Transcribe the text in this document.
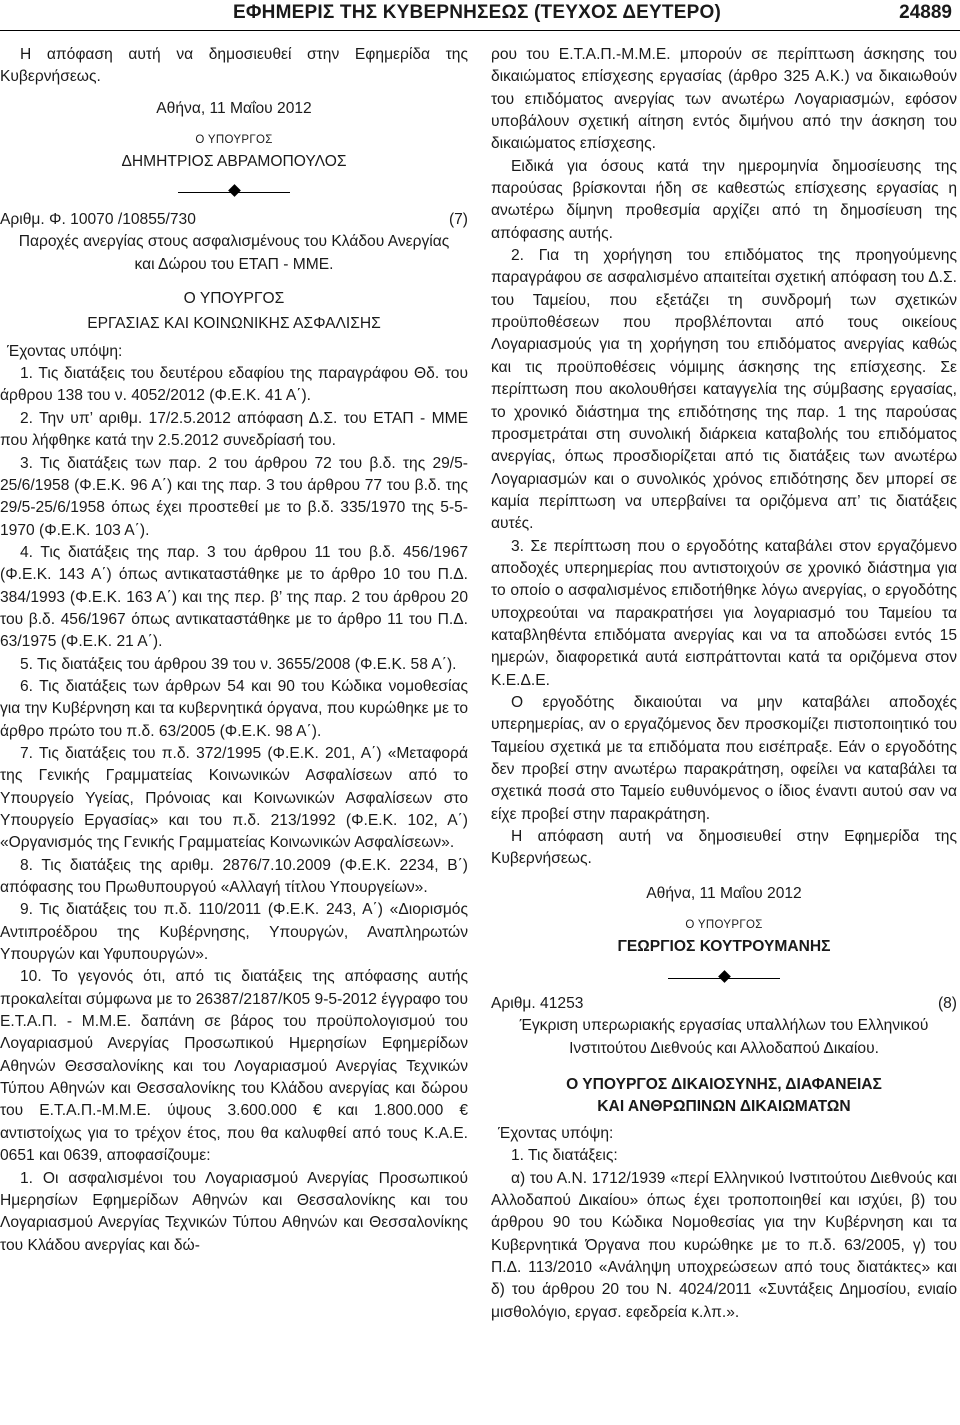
ΕΦΗΜΕΡΙΣ ΤΗΣ ΚΥΒΕΡΝΗΣΕΩΣ (ΤΕΥΧΟΣ ΔΕΥΤΕΡΟ)	24889

Η απόφαση αυτή να δημοσιευθεί στην Εφημερίδα της Κυβερνήσεως.

Αθήνα, 11 Μαΐου 2012

Ο ΥΠΟΥΡΓΟΣ

ΔΗΜΗΤΡΙΟΣ ΑΒΡΑΜΟΠΟΥΛΟΣ

Αριθμ. Φ. 10070 /10855/730	(7)

Παροχές ανεργίας στους ασφαλισμένους του Κλάδου Ανεργίας και Δώρου του ΕΤΑΠ - ΜΜΕ.

Ο ΥΠΟΥΡΓΟΣ

ΕΡΓΑΣΙΑΣ ΚΑΙ ΚΟΙΝΩΝΙΚΗΣ ΑΣΦΑΛΙΣΗΣ

Έχοντας υπόψη:

1. Τις διατάξεις του δευτέρου εδαφίου της παραγράφου Θδ. του άρθρου 138 του ν. 4052/2012 (Φ.Ε.Κ. 41 Α΄).

2. Την υπ’ αριθμ. 17/2.5.2012 απόφαση Δ.Σ. του ΕΤΑΠ - ΜΜΕ που λήφθηκε κατά την 2.5.2012 συνεδρίασή του.

3. Τις διατάξεις των παρ. 2 του άρθρου 72 του β.δ. της 29/5-25/6/1958 (Φ.Ε.Κ. 96 Α΄) και της παρ. 3 του άρθρου 77 του β.δ. της 29/5-25/6/1958 όπως έχει προστεθεί με το β.δ. 335/1970 της 5-5-1970 (Φ.Ε.Κ. 103 Α΄).

4. Τις διατάξεις της παρ. 3 του άρθρου 11 του β.δ. 456/1967 (Φ.Ε.Κ. 143 Α΄) όπως αντικαταστάθηκε με το άρθρο 10 του Π.Δ. 384/1993 (Φ.Ε.Κ. 163 Α΄) και της περ. β’ της παρ. 2 του άρθρου 20 του β.δ. 456/1967 όπως αντικαταστάθηκε με το άρθρο 11 του Π.Δ. 63/1975 (Φ.Ε.Κ. 21 Α΄).

5. Τις διατάξεις του άρθρου 39 του ν. 3655/2008 (Φ.Ε.Κ. 58 Α΄).

6. Τις διατάξεις των άρθρων 54 και 90 του Κώδικα νομοθεσίας για την Κυβέρνηση και τα κυβερνητικά όργανα, που κυρώθηκε με το άρθρο πρώτο του π.δ. 63/2005 (Φ.Ε.Κ. 98 Α΄).

7. Τις διατάξεις του π.δ. 372/1995 (Φ.Ε.Κ. 201, Α΄) «Μεταφορά της Γενικής Γραμματείας Κοινωνικών Ασφαλίσεων από το Υπουργείο Υγείας, Πρόνοιας και Κοινωνικών Ασφαλίσεων στο Υπουργείο Εργασίας» και του π.δ. 213/1992 (Φ.Ε.Κ. 102, Α΄) «Οργανισμός της Γενικής Γραμματείας Κοινωνικών Ασφαλίσεων».

8. Τις διατάξεις της αριθμ. 2876/7.10.2009 (Φ.Ε.Κ. 2234, Β΄) απόφασης του Πρωθυπουργού «Αλλαγή τίτλου Υπουργείων».

9. Τις διατάξεις του π.δ. 110/2011 (Φ.Ε.Κ. 243, Α΄) «Διορισμός Αντιπροέδρου της Κυβέρνησης, Υπουργών, Αναπληρωτών Υπουργών και Υφυπουργών».

10. Το γεγονός ότι, από τις διατάξεις της απόφασης αυτής προκαλείται σύμφωνα με το 26387/2187/Κ05 9-5-2012 έγγραφο του Ε.Τ.Α.Π. - Μ.Μ.Ε. δαπάνη σε βάρος του προϋπολογισμού του Λογαριασμού Ανεργίας Προσωπικού Ημερησίων Εφημερίδων Αθηνών Θεσσαλονίκης και του Λογαριασμού Ανεργίας Τεχνικών Τύπου Αθηνών και Θεσσαλονίκης του Κλάδου ανεργίας και δώρου του Ε.Τ.Α.Π.-Μ.Μ.Ε. ύψους 3.600.000 € και 1.800.000 € αντιστοίχως για το τρέχον έτος, που θα καλυφθεί από τους Κ.Α.Ε. 0651 και 0639, αποφασίζουμε:

1. Οι ασφαλισμένοι του Λογαριασμού Ανεργίας Προσωπικού Ημερησίων Εφημερίδων Αθηνών και Θεσσαλονίκης και του Λογαριασμού Ανεργίας Τεχνικών Τύπου Αθηνών και Θεσσαλονίκης του Κλάδου ανεργίας και δώ-

ρου του Ε.Τ.Α.Π.-Μ.Μ.Ε. μπορούν σε περίπτωση άσκησης του δικαιώματος επίσχεσης εργασίας (άρθρο 325 Α.Κ.) να δικαιωθούν του επιδόματος ανεργίας των ανωτέρω Λογαριασμών, εφόσον υποβάλουν σχετική αίτηση εντός διμήνου από την άσκηση του δικαιώματος επίσχεσης.

Ειδικά για όσους κατά την ημερομηνία δημοσίευσης της παρούσας βρίσκονται ήδη σε καθεστώς επίσχεσης εργασίας η ανωτέρω δίμηνη προθεσμία αρχίζει από τη δημοσίευση της απόφασης αυτής.

2. Για τη χορήγηση του επιδόματος της προηγούμενης παραγράφου σε ασφαλισμένο απαιτείται σχετική απόφαση του Δ.Σ. του Ταμείου, που εξετάζει τη συνδρομή των σχετικών προϋποθέσεων που προβλέπονται από τους οικείους Λογαριασμούς για τη χορήγηση του επιδόματος ανεργίας καθώς και τις προϋποθέσεις νόμιμης άσκησης της επίσχεσης. Σε περίπτωση που ακολουθήσει καταγγελία της σύμβασης εργασίας, το χρονικό διάστημα της επιδότησης της παρ. 1 της παρούσας προσμετράται στη συνολική διάρκεια καταβολής του επιδόματος ανεργίας, όπως προσδιορίζεται από τις διατάξεις των ανωτέρω Λογαριασμών και ο συνολικός χρόνος επιδότησης δεν μπορεί σε καμία περίπτωση να υπερβαίνει τα οριζόμενα απ’ τις διατάξεις αυτές.

3. Σε περίπτωση που ο εργοδότης καταβάλει στον εργαζόμενο αποδοχές υπερημερίας που αντιστοιχούν σε χρονικό διάστημα για το οποίο ο ασφαλισμένος επιδοτήθηκε λόγω ανεργίας, ο εργοδότης υποχρεούται να παρακρατήσει για λογαριασμό του Ταμείου τα καταβληθέντα επιδόματα ανεργίας και να τα αποδώσει εντός 15 ημερών, διαφορετικά αυτά εισπράττονται κατά τα οριζόμενα στον Κ.Ε.Δ.Ε.

Ο εργοδότης δικαιούται να μην καταβάλει αποδοχές υπερημερίας, αν ο εργαζόμενος δεν προσκομίζει πιστοποιητικό του Ταμείου σχετικά με τα επιδόματα που εισέπραξε. Εάν ο εργοδότης δεν προβεί στην ανωτέρω παρακράτηση, οφείλει να καταβάλει τα σχετικά ποσά στο Ταμείο ευθυνόμενος ο ίδιος έναντι αυτού σαν να είχε προβεί στην παρακράτηση.

Η απόφαση αυτή να δημοσιευθεί στην Εφημερίδα της Κυβερνήσεως.

Αθήνα, 11 Μαΐου 2012

Ο ΥΠΟΥΡΓΟΣ

ΓΕΩΡΓΙΟΣ ΚΟΥΤΡΟΥΜΑΝΗΣ

Αριθμ. 41253	(8)

Έγκριση υπερωριακής εργασίας υπαλλήλων του Ελληνικού Ινστιτούτου Διεθνούς και Αλλοδαπού Δικαίου.

Ο ΥΠΟΥΡΓΟΣ ΔΙΚΑΙΟΣΥΝΗΣ, ΔΙΑΦΑΝΕΙΑΣ

ΚΑΙ ΑΝΘΡΩΠΙΝΩΝ ΔΙΚΑΙΩΜΑΤΩΝ

Έχοντας υπόψη:

1. Τις διατάξεις:

α) του Α.Ν. 1712/1939 «περί Ελληνικού Ινστιτούτου Διεθνούς και Αλλοδαπού Δικαίου» όπως έχει τροποποιηθεί και ισχύει, β) του άρθρου 90 του Κώδικα Νομοθεσίας για την Κυβέρνηση και τα Κυβερνητικά Όργανα που κυρώθηκε με το π.δ. 63/2005, γ) του Π.Δ. 113/2010 «Ανάληψη υποχρεώσεων από τους διατάκτες» και δ) του άρθρου 20 του Ν. 4024/2011 «Συντάξεις Δημοσίου, ενιαίο μισθολόγιο, εργασ. εφεδρεία κ.λπ.».
